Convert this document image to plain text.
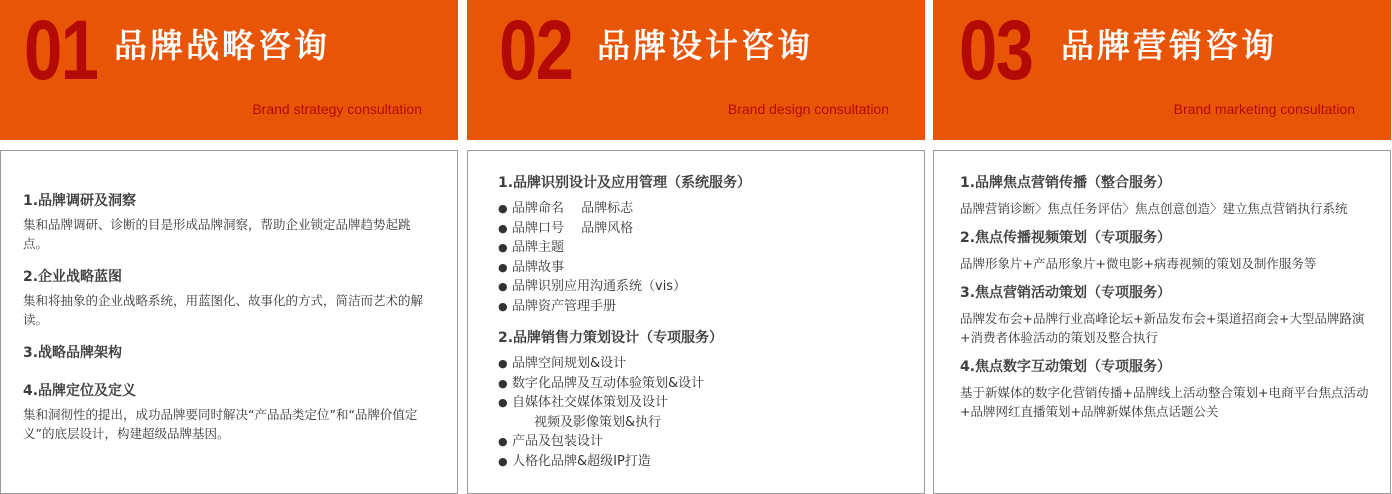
01 品牌战略咨询
Brand strategy consultation

1.品牌调研及洞察

集和品牌调研、诊断的目是形成品牌洞察，帮助企业锁定品牌趋势起跳点。

2.企业战略蓝图

集和将抽象的企业战略系统，用蓝图化、故事化的方式，简洁而艺术的解读。

3.战略品牌架构

4.品牌定位及定义

集和洞彻性的提出，成功品牌要同时解决“产品品类定位”和“品牌价值定义”的底层设计，构建超级品牌基因。

02 品牌设计咨询
Brand design consultation

1.品牌识别设计及应用管理（系统服务）

● 品牌命名　 品牌标志
● 品牌口号　 品牌风格
● 品牌主题
● 品牌故事
● 品牌识别应用沟通系统（vis）
● 品牌资产管理手册

2.品牌销售力策划设计（专项服务）

● 品牌空间规划&设计
● 数字化品牌及互动体验策划&设计
● 自媒体社交媒体策划及设计
视频及影像策划&执行
● 产品及包装设计
● 人格化品牌&超级IP打造
03 品牌营销咨询
Brand marketing consultation

1.品牌焦点营销传播（整合服务）

品牌营销诊断〉焦点任务评估〉焦点创意创造〉建立焦点营销执行系统

2.焦点传播视频策划（专项服务）

品牌形象片+产品形象片+微电影+病毒视频的策划及制作服务等

3.焦点营销活动策划（专项服务）

品牌发布会+品牌行业高峰论坛+新品发布会+渠道招商会+大型品牌路演+消费者体验活动的策划及整合执行

4.焦点数字互动策划（专项服务）

基于新媒体的数字化营销传播+品牌线上活动整合策划+电商平台焦点活动+品牌网红直播策划+品牌新媒体焦点话题公关
